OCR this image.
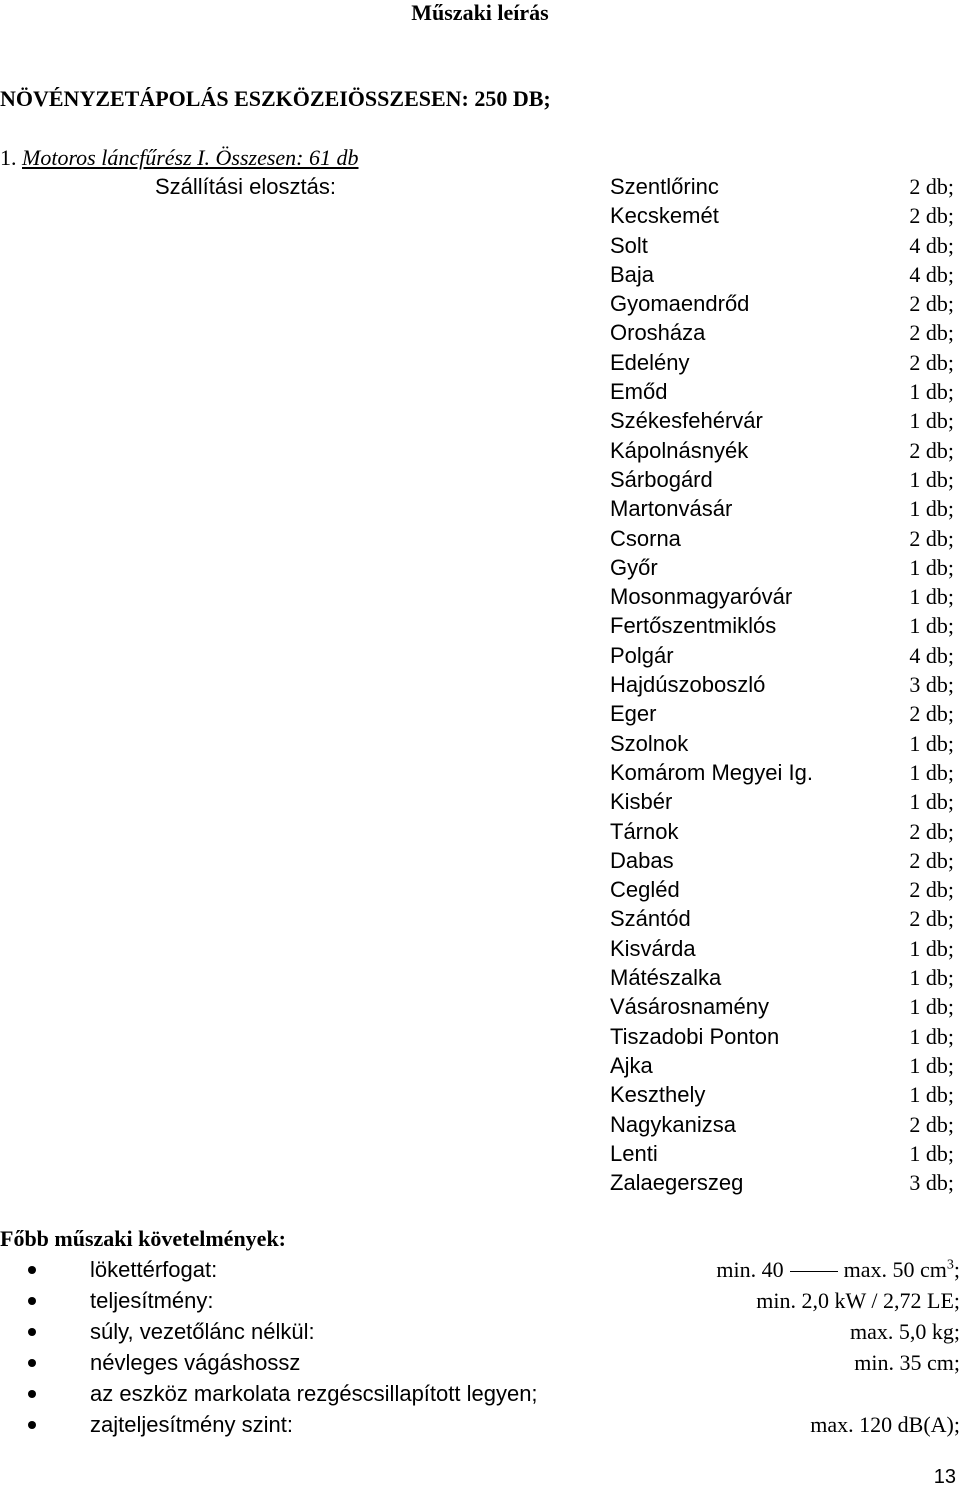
Műszaki leírás
NÖVÉNYZETÁPOLÁS ESZKÖZEIÖSSZESEN: 250 DB;
1. Motoros láncfűrész I. Összesen: 61 db
Szállítási elosztás:	Szentlőrinc	2 db;
Kecskemét	2 db;
Solt	4 db;
Baja	4 db;
Gyomaendrőd	2 db;
Orosháza	2 db;
Edelény	2 db;
Emőd	1 db;
Székesfehérvár	1 db;
Kápolnásnyék	2 db;
Sárbogárd	1 db;
Martonvásár	1 db;
Csorna	2 db;
Győr	1 db;
Mosonmagyaróvár	1 db;
Fertőszentmiklós	1 db;
Polgár	4 db;
Hajdúszoboszló	3 db;
Eger	2 db;
Szolnok	1 db;
Komárom Megyei Ig.	1 db;
Kisbér	1 db;
Tárnok	2 db;
Dabas	2 db;
Cegléd	2 db;
Szántód	2 db;
Kisvárda	1 db;
Mátészalka	1 db;
Vásárosnamény	1 db;
Tiszadobi Ponton	1 db;
Ajka	1 db;
Keszthely	1 db;
Nagykanizsa	2 db;
Lenti	1 db;
Zalaegerszeg	3 db;
Főbb műszaki követelmények:
lökettérfogat:	min. 40	max. 50 $cm^3$;
teljesítmény:	min. 2,0 kW / 2,72 LE;
súly, vezetőlánc nélkül:	max. 5,0 kg;
névleges vágáshossz	min. 35 cm;
az eszköz markolata rezgéscsillapított legyen;
zajteljesítmény szint:	max. 120 dB(A);
13
